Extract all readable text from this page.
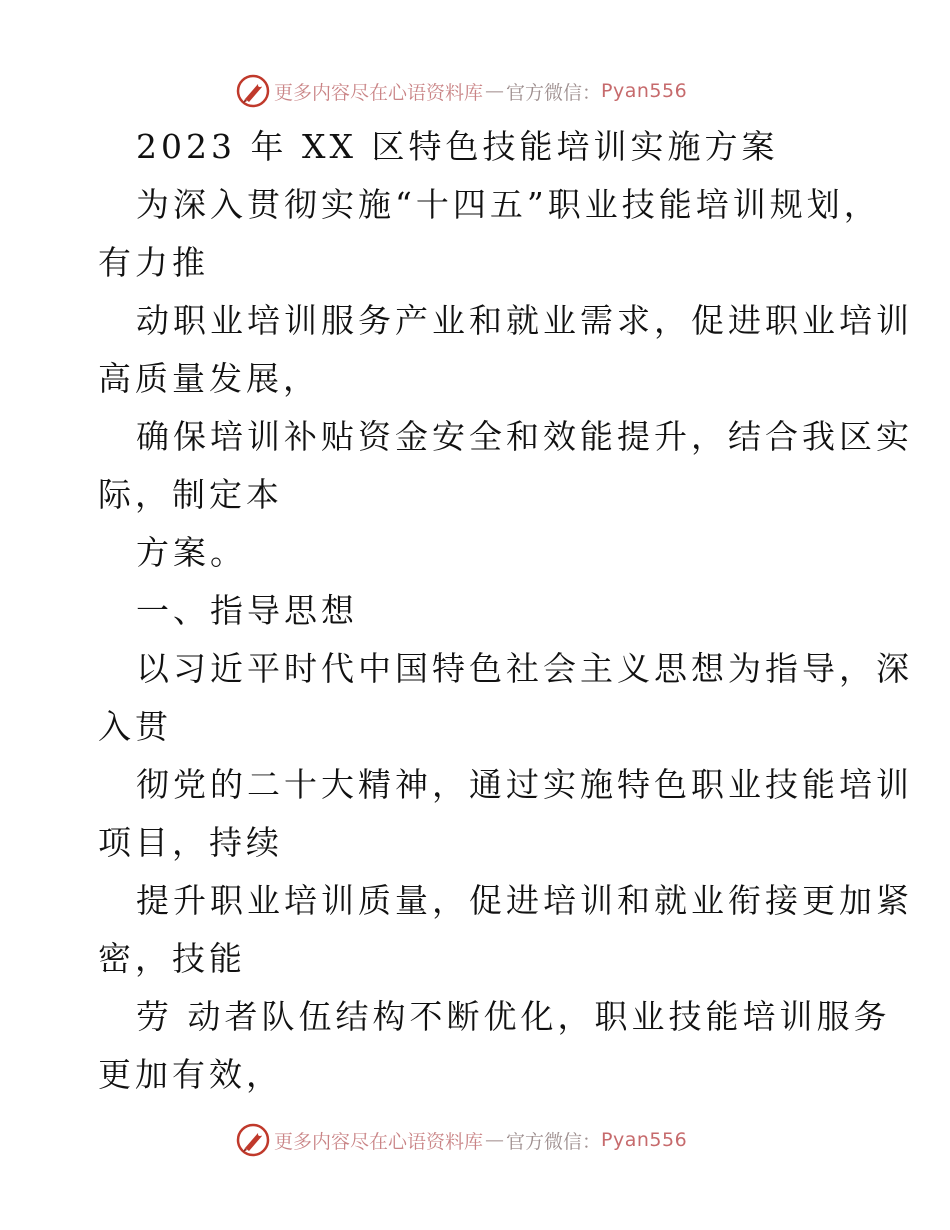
更多内容尽在心语资料库 — 官方微信： Pyan556
2023 年 XX 区特色技能培训实施方案
为深入贯彻实施“十四五”职业技能培训规划，
有力推
动职业培训服务产业和就业需求，促进职业培训
高质量发展，
确保培训补贴资金安全和效能提升，结合我区实
际，制定本
方案。
一、指导思想
以习近平时代中国特色社会主义思想为指导，深
入贯
彻党的二十大精神，通过实施特色职业技能培训
项目，持续
提升职业培训质量，促进培训和就业衔接更加紧
密，技能
劳 动者队伍结构不断优化，职业技能培训服务
更加有效，
更多内容尽在心语资料库 — 官方微信： Pyan556
